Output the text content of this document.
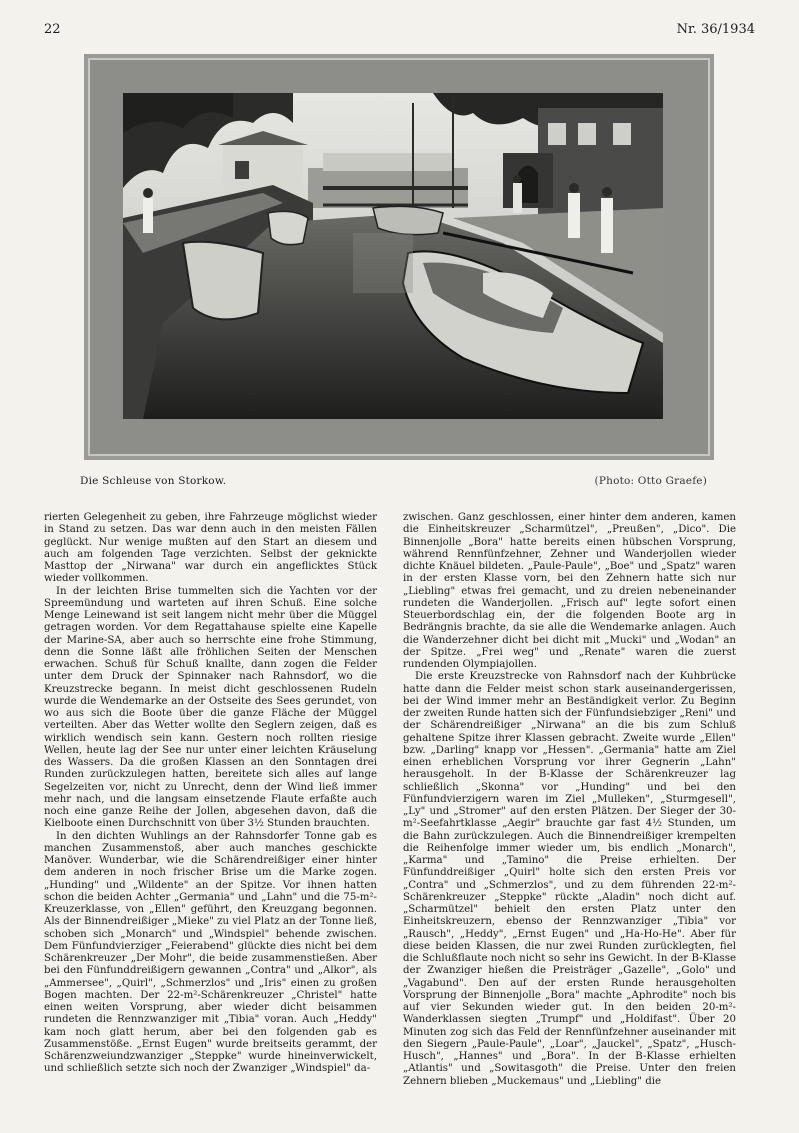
22	Nr. 36/1934
Die Schleuse von Storkow.	(Photo: Otto Graefe)

rierten Gelegenheit zu geben, ihre Fahrzeuge möglichst wieder in Stand zu setzen. Das war denn auch in den meisten Fällen geglückt. Nur wenige mußten auf den Start an diesem und auch am folgenden Tage verzichten. Selbst der geknickte Masttop der „Nirwana" war durch ein angeflicktes Stück wieder vollkommen.

In der leichten Brise tummelten sich die Yachten vor der Spreemündung und warteten auf ihren Schuß. Eine solche Menge Leinewand ist seit langem nicht mehr über die Müggel getragen worden. Vor dem Regattahause spielte eine Kapelle der Marine-SA, aber auch so herrschte eine frohe Stimmung, denn die Sonne läßt alle fröhlichen Seiten der Menschen erwachen. Schuß für Schuß knallte, dann zogen die Felder unter dem Druck der Spinnaker nach Rahnsdorf, wo die Kreuzstrecke begann. In meist dicht geschlossenen Rudeln wurde die Wendemarke an der Ostseite des Sees gerundet, von wo aus sich die Boote über die ganze Fläche der Müggel verteilten. Aber das Wetter wollte den Seglern zeigen, daß es wirklich wendisch sein kann. Gestern noch rollten riesige Wellen, heute lag der See nur unter einer leichten Kräuselung des Wassers. Da die großen Klassen an den Sonntagen drei Runden zurückzulegen hatten, bereitete sich alles auf lange Segelzeiten vor, nicht zu Unrecht, denn der Wind ließ immer mehr nach, und die langsam einsetzende Flaute erfaßte auch noch eine ganze Reihe der Jollen, abgesehen davon, daß die Kielboote einen Durchschnitt von über 3½ Stunden brauchten.

In den dichten Wuhlings an der Rahnsdorfer Tonne gab es manchen Zusammenstoß, aber auch manches geschickte Manöver. Wunderbar, wie die Schärendreißiger einer hinter dem anderen in noch frischer Brise um die Marke zogen. „Hunding" und „Wildente" an der Spitze. Vor ihnen hatten schon die beiden Achter „Germania" und „Lahn" und die 75-m²-Kreuzerklasse, von „Ellen" geführt, den Kreuzgang begonnen. Als der Binnendreißiger „Mieke" zu viel Platz an der Tonne ließ, schoben sich „Monarch" und „Windspiel" behende zwischen. Dem Fünfundvierziger „Feierabend" glückte dies nicht bei dem Schärenkreuzer „Der Mohr", die beide zusammenstießen. Aber bei den Fünfunddreißigern gewannen „Contra" und „Alkor", als „Ammersee", „Quirl", „Schmerzlos" und „Iris" einen zu großen Bogen machten. Der 22-m²-Schärenkreuzer „Christel" hatte einen weiten Vorsprung, aber wieder dicht beisammen rundeten die Rennzwanziger mit „Tibia" voran. Auch „Heddy" kam noch glatt herum, aber bei den folgenden gab es Zusammenstöße. „Ernst Eugen" wurde breitseits gerammt, der Schärenzweiundzwanziger „Steppke" wurde hineinverwickelt, und schließlich setzte sich noch der Zwanziger „Windspiel" da-

zwischen. Ganz geschlossen, einer hinter dem anderen, kamen die Einheitskreuzer „Scharmützel", „Preußen", „Dico". Die Binnenjolle „Bora" hatte bereits einen hübschen Vorsprung, während Rennfünfzehner, Zehner und Wanderjollen wieder dichte Knäuel bildeten. „Paule-Paule", „Boe" und „Spatz" waren in der ersten Klasse vorn, bei den Zehnern hatte sich nur „Liebling" etwas frei gemacht, und zu dreien nebeneinander rundeten die Wanderjollen. „Frisch auf" legte sofort einen Steuerbordschlag ein, der die folgenden Boote arg in Bedrängnis brachte, da sie alle die Wendemarke anlagen. Auch die Wanderzehner dicht bei dicht mit „Mucki" und „Wodan" an der Spitze. „Frei weg" und „Renate" waren die zuerst rundenden Olympiajollen.

Die erste Kreuzstrecke von Rahnsdorf nach der Kuhbrücke hatte dann die Felder meist schon stark auseinandergerissen, bei der Wind immer mehr an Beständigkeit verlor. Zu Beginn der zweiten Runde hatten sich der Fünfundsiebziger „Reni" und der Schärendreißiger „Nirwana" an die bis zum Schluß gehaltene Spitze ihrer Klassen gebracht. Zweite wurde „Ellen" bzw. „Darling" knapp vor „Hessen". „Germania" hatte am Ziel einen erheblichen Vorsprung vor ihrer Gegnerin „Lahn" herausgeholt. In der B-Klasse der Schärenkreuzer lag schließlich „Skonna" vor „Hunding" und bei den Fünfundvierzigern waren im Ziel „Mulleken", „Sturmgesell", „Ly" und „Stromer" auf den ersten Plätzen. Der Sieger der 30-m²-Seefahrtklasse „Aegir" brauchte gar fast 4½ Stunden, um die Bahn zurückzulegen. Auch die Binnendreißiger krempelten die Reihenfolge immer wieder um, bis endlich „Monarch", „Karma" und „Tamino" die Preise erhielten. Der Fünfunddreißiger „Quirl" holte sich den ersten Preis vor „Contra" und „Schmerzlos", und zu dem führenden 22-m²-Schärenkreuzer „Steppke" rückte „Aladin" noch dicht auf. „Scharmützel" behielt den ersten Platz unter den Einheitskreuzern, ebenso der Rennzwanziger „Tibia" vor „Rausch", „Heddy", „Ernst Eugen" und „Ha-Ho-He". Aber für diese beiden Klassen, die nur zwei Runden zurücklegten, fiel die Schlußflaute noch nicht so sehr ins Gewicht. In der B-Klasse der Zwanziger hießen die Preisträger „Gazelle", „Golo" und „Vagabund". Den auf der ersten Runde herausgeholten Vorsprung der Binnenjolle „Bora" machte „Aphrodite" noch bis auf vier Sekunden wieder gut. In den beiden 20-m²-Wanderklassen siegten „Trumpf" und „Holdifast". Über 20 Minuten zog sich das Feld der Rennfünfzehner auseinander mit den Siegern „Paule-Paule", „Loar", „Jauckel", „Spatz", „Husch-Husch", „Hannes" und „Bora". In der B-Klasse erhielten „Atlantis" und „Sowitasgoth" die Preise. Unter den freien Zehnern blieben „Muckemaus" und „Liebling" die
